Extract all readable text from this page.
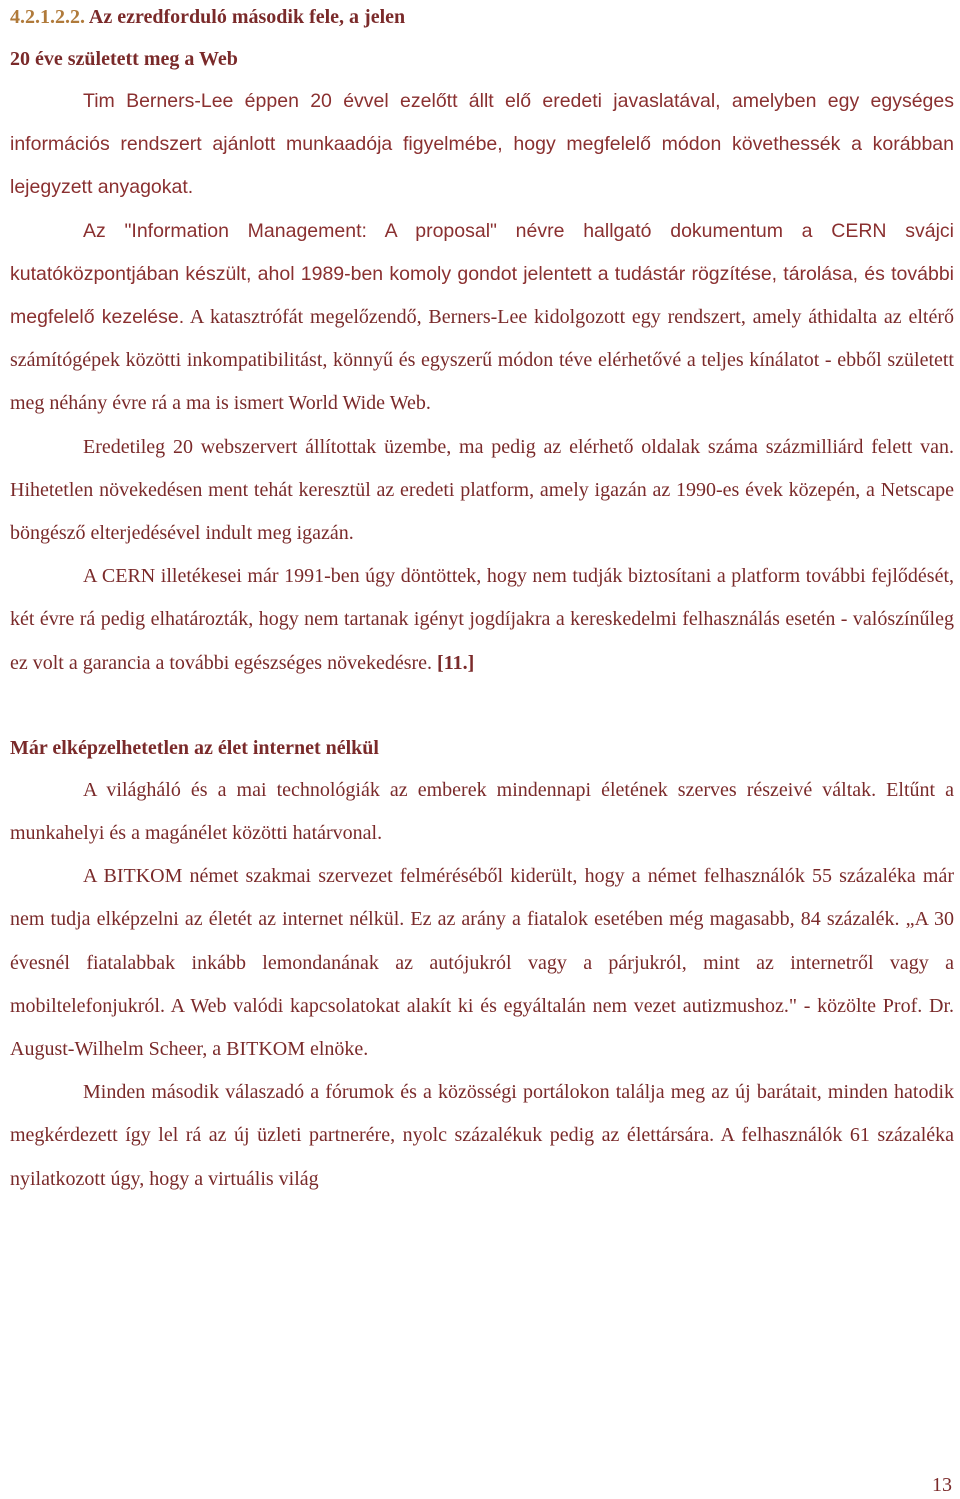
4.2.1.2.2. Az ezredforduló második fele, a jelen
20 éve született meg a Web

Tim Berners-Lee éppen 20 évvel ezelőtt állt elő eredeti javaslatával, amelyben egy egységes információs rendszert ajánlott munkaadója figyelmébe, hogy megfelelő módon követhessék a korábban lejegyzett anyagokat.

Az "Information Management: A proposal" névre hallgató dokumentum a CERN svájci kutatóközpontjában készült, ahol 1989-ben komoly gondot jelentett a tudástár rögzítése, tárolása, és további megfelelő kezelése. A katasztrófát megelőzendő, Berners-Lee kidolgozott egy rendszert, amely áthidalta az eltérő számítógépek közötti inkompatibilitást, könnyű és egyszerű módon téve elérhetővé a teljes kínálatot - ebből született meg néhány évre rá a ma is ismert World Wide Web.

Eredetileg 20 webszervert állítottak üzembe, ma pedig az elérhető oldalak száma százmilliárd felett van. Hihetetlen növekedésen ment tehát keresztül az eredeti platform, amely igazán az 1990-es évek közepén, a Netscape böngésző elterjedésével indult meg igazán.

A CERN illetékesei már 1991-ben úgy döntöttek, hogy nem tudják biztosítani a platform további fejlődését, két évre rá pedig elhatározták, hogy nem tartanak igényt jogdíjakra a kereskedelmi felhasználás esetén - valószínűleg ez volt a garancia a további egészséges növekedésre. [11.]

Már elképzelhetetlen az élet internet nélkül

A világháló és a mai technológiák az emberek mindennapi életének szerves részeivé váltak. Eltűnt a munkahelyi és a magánélet közötti határvonal.

A BITKOM német szakmai szervezet felméréséből kiderült, hogy a német felhasználók 55 százaléka már nem tudja elképzelni az életét az internet nélkül. Ez az arány a fiatalok esetében még magasabb, 84 százalék. „A 30 évesnél fiatalabbak inkább lemondanának az autójukról vagy a párjukról, mint az internetről vagy a mobiltelefonjukról. A Web valódi kapcsolatokat alakít ki és egyáltalán nem vezet autizmushoz." - közölte Prof. Dr. August-Wilhelm Scheer, a BITKOM elnöke.

Minden második válaszadó a fórumok és a közösségi portálokon találja meg az új barátait, minden hatodik megkérdezett így lel rá az új üzleti partnerére, nyolc százalékuk pedig az élettársára. A felhasználók 61 százaléka nyilatkozott úgy, hogy a virtuális világ

13
